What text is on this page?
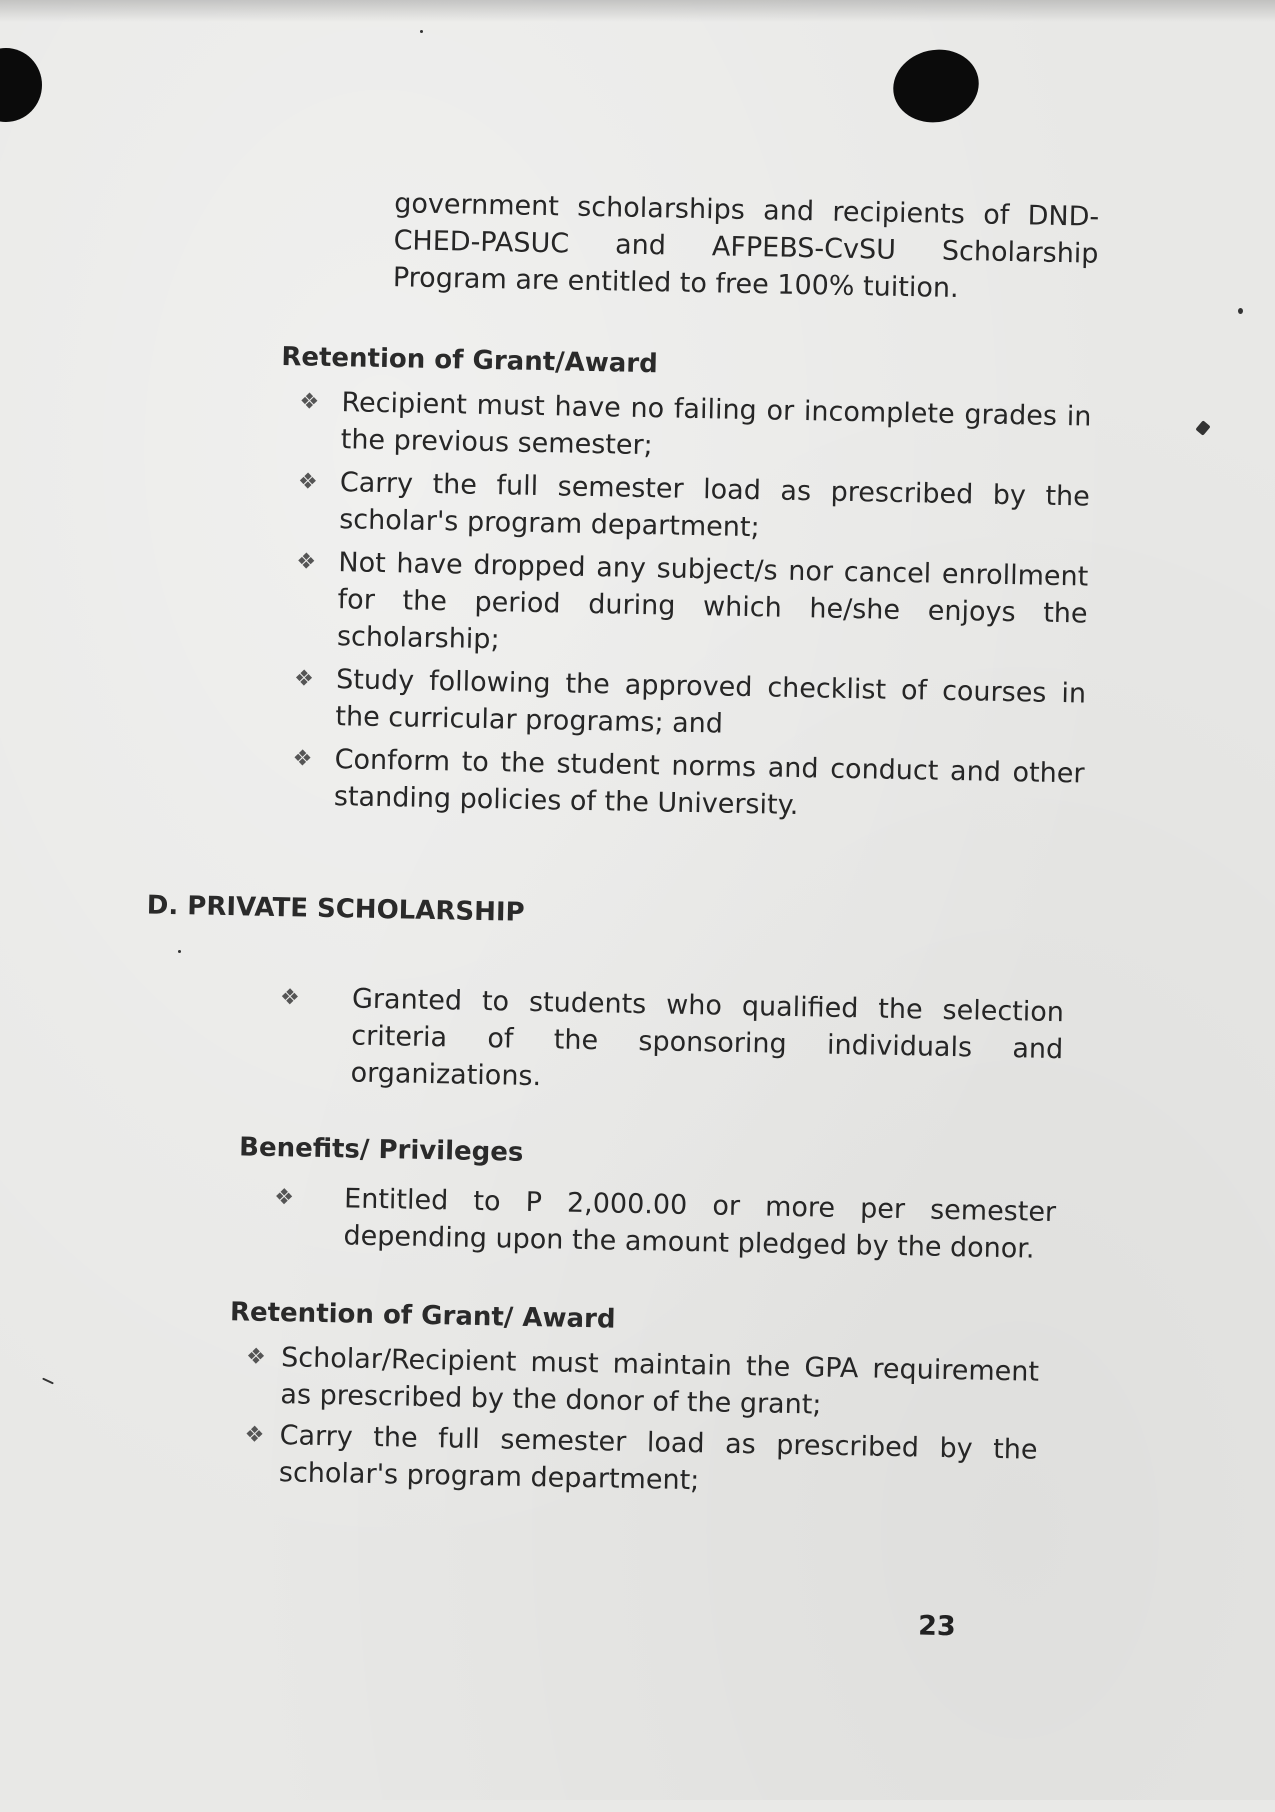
government scholarships and recipients of DND-CHED-PASUC and AFPEBS-CvSU Scholarship Program are entitled to free 100% tuition.
Retention of Grant/Award
❖ Recipient must have no failing or incomplete grades in the previous semester;
❖ Carry the full semester load as prescribed by the scholar's program department;
❖ Not have dropped any subject/s nor cancel enrollment for the period during which he/she enjoys the scholarship;
❖ Study following the approved checklist of courses in the curricular programs; and
❖ Conform to the student norms and conduct and other standing policies of the University.
D. PRIVATE SCHOLARSHIP
❖ Granted to students who qualified the selection criteria of the sponsoring individuals and organizations.
Benefits/ Privileges
❖ Entitled to P 2,000.00 or more per semester depending upon the amount pledged by the donor.
Retention of Grant/ Award
❖ Scholar/Recipient must maintain the GPA requirement as prescribed by the donor of the grant;
❖ Carry the full semester load as prescribed by the scholar's program department;
23
